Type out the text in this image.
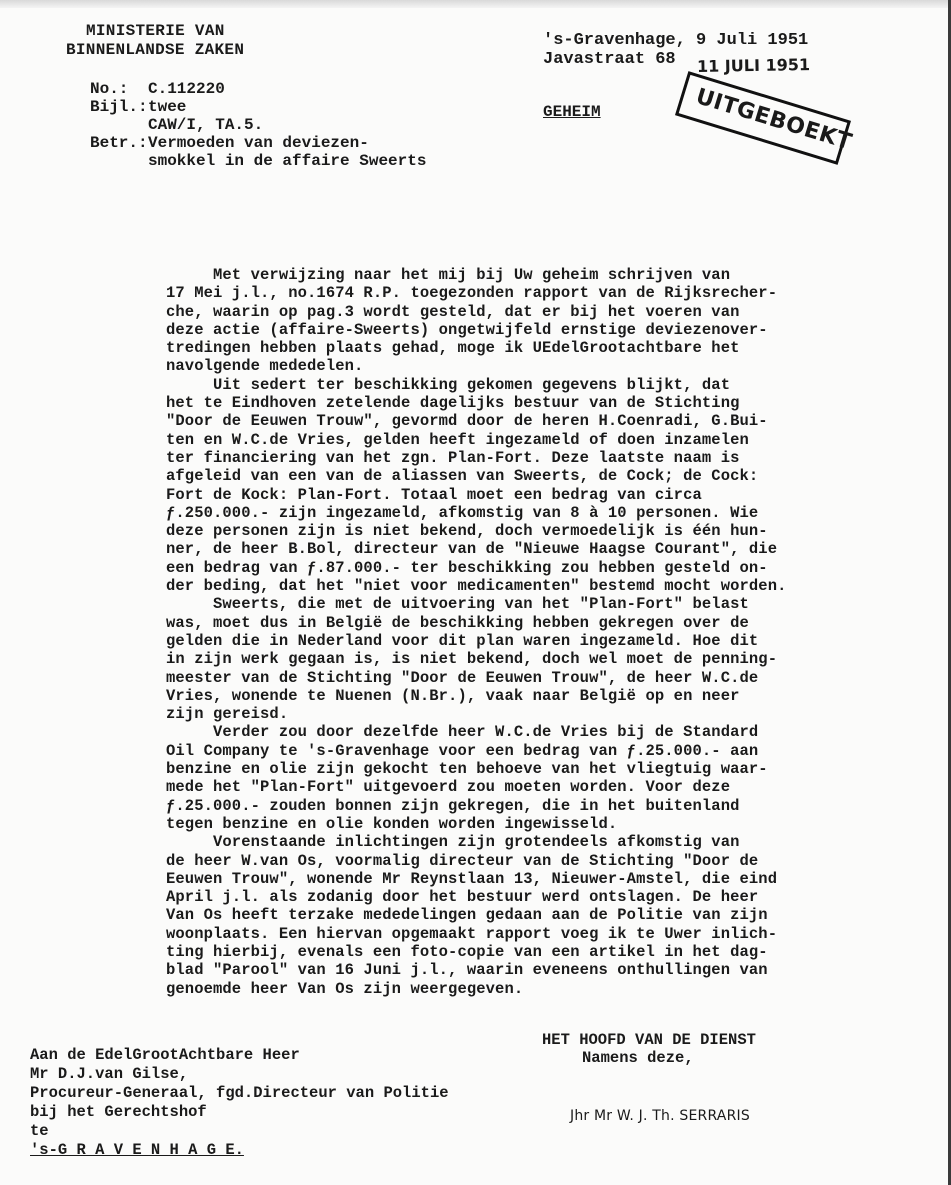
MINISTERIE VAN
BINNENLANDSE ZAKEN	's-Gravenhage, 9 Juli 1951
Javastraat 68	11 JULI 1951
GEHEIM	UITGEBOEKT
No.: C.112220
Bijl.:twee
CAW/I, TA.5.
Betr.:Vermoeden van deviezen-
smokkel in de affaire Sweerts
Met verwijzing naar het mij bij Uw geheim schrijven van
17 Mei j.l., no.1674 R.P. toegezonden rapport van de Rijksrecher-
che, waarin op pag.3 wordt gesteld, dat er bij het voeren van
deze actie (affaire-Sweerts) ongetwijfeld ernstige deviezenover-
tredingen hebben plaats gehad, moge ik UEdelGrootachtbare het
navolgende mededelen.
Uit sedert ter beschikking gekomen gegevens blijkt, dat
het te Eindhoven zetelende dagelijks bestuur van de Stichting
"Door de Eeuwen Trouw", gevormd door de heren H.Coenradi, G.Bui-
ten en W.C.de Vries, gelden heeft ingezameld of doen inzamelen
ter financiering van het zgn. Plan-Fort. Deze laatste naam is
afgeleid van een van de aliassen van Sweerts, de Cock; de Cock:
Fort de Kock: Plan-Fort. Totaal moet een bedrag van circa
ƒ.250.000.- zijn ingezameld, afkomstig van 8 à 10 personen. Wie
deze personen zijn is niet bekend, doch vermoedelijk is één hun-
ner, de heer B.Bol, directeur van de "Nieuwe Haagse Courant", die
een bedrag van ƒ.87.000.- ter beschikking zou hebben gesteld on-
der beding, dat het "niet voor medicamenten" bestemd mocht worden.
Sweerts, die met de uitvoering van het "Plan-Fort" belast
was, moet dus in België de beschikking hebben gekregen over de
gelden die in Nederland voor dit plan waren ingezameld. Hoe dit
in zijn werk gegaan is, is niet bekend, doch wel moet de penning-
meester van de Stichting "Door de Eeuwen Trouw", de heer W.C.de
Vries, wonende te Nuenen (N.Br.), vaak naar België op en neer
zijn gereisd.
Verder zou door dezelfde heer W.C.de Vries bij de Standard
Oil Company te 's-Gravenhage voor een bedrag van ƒ.25.000.- aan
benzine en olie zijn gekocht ten behoeve van het vliegtuig waar-
mede het "Plan-Fort" uitgevoerd zou moeten worden. Voor deze
ƒ.25.000.- zouden bonnen zijn gekregen, die in het buitenland
tegen benzine en olie konden worden ingewisseld.
Vorenstaande inlichtingen zijn grotendeels afkomstig van
de heer W.van Os, voormalig directeur van de Stichting "Door de
Eeuwen Trouw", wonende Mr Reynstlaan 13, Nieuwer-Amstel, die eind
April j.l. als zodanig door het bestuur werd ontslagen. De heer
Van Os heeft terzake mededelingen gedaan aan de Politie van zijn
woonplaats. Een hiervan opgemaakt rapport voeg ik te Uwer inlich-
ting hierbij, evenals een foto-copie van een artikel in het dag-
blad "Parool" van 16 Juni j.l., waarin eveneens onthullingen van
genoemde heer Van Os zijn weergegeven.
HET HOOFD VAN DE DIENST
Namens deze,
Jhr Mr W. J. Th. SERRARIS
Aan de EdelGrootAchtbare Heer
Mr D.J.van Gilse,
Procureur-Generaal, fgd.Directeur van Politie
bij het Gerechtshof
te
's-G R A V E N H A G E.
